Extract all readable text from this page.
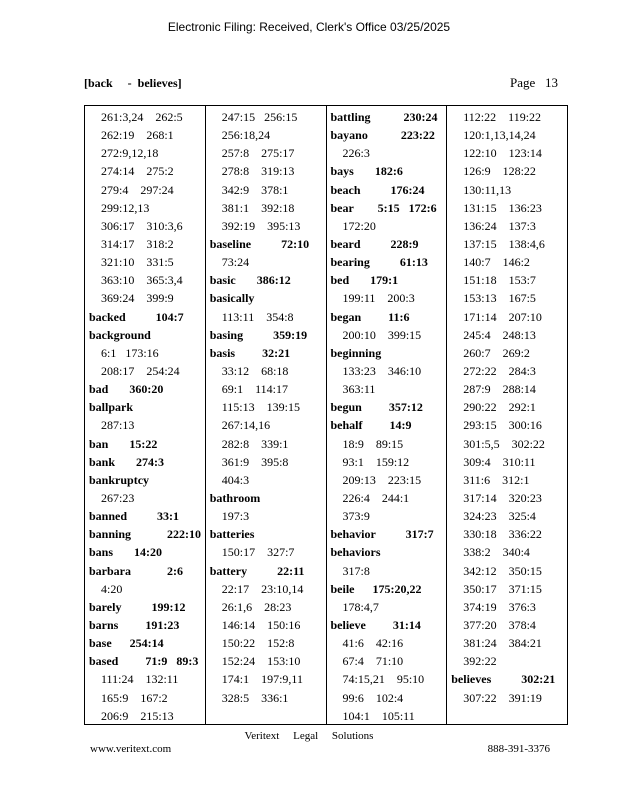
Electronic Filing: Received, Clerk's Office 03/25/2025
[back     -  believes]	Page   13
261:3,24    262:5
262:19    268:1
272:9,12,18
274:14    275:2
279:4    297:24
299:12,13
306:17    310:3,6
314:17    318:2
321:10    331:5
363:10    365:3,4
369:24    399:9
backed          104:7
background
6:1   173:16
208:17    254:24
bad       360:20
ballpark
287:13
ban       15:22
bank       274:3
bankruptcy
267:23
banned          33:1
banning            222:10
bans       14:20
barbara            2:6
4:20
barely          199:12
barns         191:23
base      254:14
based         71:9   89:3
111:24    132:11
165:9    167:2
206:9    215:13
247:15   256:15
256:18,24
257:8    275:17
278:8    319:13
342:9    378:1
381:1    392:18
392:19    395:13
baseline          72:10
73:24
basic       386:12
basically
113:11    354:8
basing          359:19
basis         32:21
33:12    68:18
69:1    114:17
115:13    139:15
267:14,16
282:8    339:1
361:9    395:8
404:3
bathroom
197:3
batteries
150:17    327:7
battery          22:11
22:17    23:10,14
26:1,6    28:23
146:14    150:16
150:22    152:8
152:24    153:10
174:1    197:9,11
328:5    336:1
battling           230:24
bayano           223:22
226:3
bays       182:6
beach          176:24
bear        5:15   172:6
172:20
beard          228:9
bearing          61:13
bed       179:1
199:11    200:3
began         11:6
200:10    399:15
beginning
133:23    346:10
363:11
begun         357:12
behalf         14:9
18:9    89:15
93:1    159:12
209:13    223:15
226:4    244:1
373:9
behavior          317:7
behaviors
317:8
beile      175:20,22
178:4,7
believe         31:14
41:6    42:16
67:4    71:10
74:15,21    95:10
99:6    102:4
104:1    105:11
112:22    119:22
120:1,13,14,24
122:10    123:14
126:9    128:22
130:11,13
131:15    136:23
136:24    137:3
137:15    138:4,6
140:7    146:2
151:18    153:7
153:13    167:5
171:14    207:10
245:4    248:13
260:7    269:2
272:22    284:3
287:9    288:14
290:22    292:1
293:15    300:16
301:5,5    302:22
309:4    310:11
311:6    312:1
317:14    320:23
324:23    325:4
330:18    336:22
338:2    340:4
342:12    350:15
350:17    371:15
374:19    376:3
377:20    378:4
381:24    384:21
392:22
believes          302:21
307:22    391:19
Veritext     Legal     Solutions
www.veritext.com	888-391-3376
